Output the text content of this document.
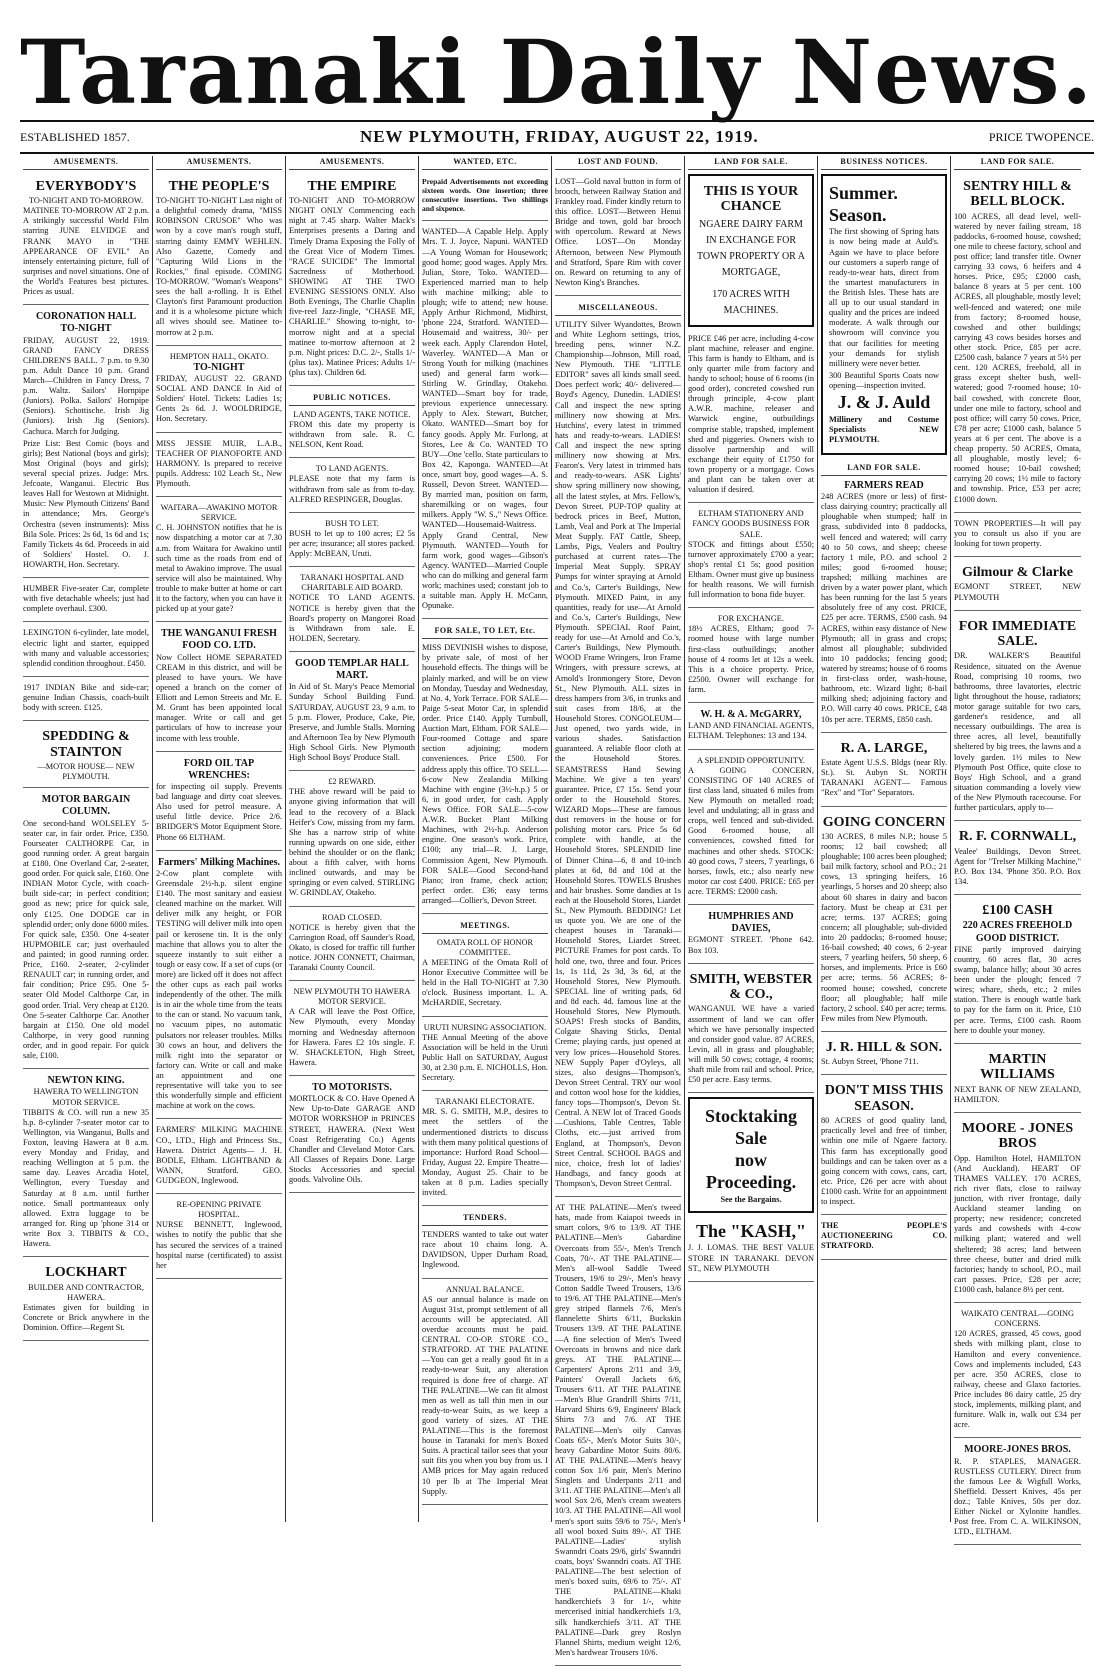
Taranaki Daily News.
ESTABLISHED 1857.	NEW PLYMOUTH, FRIDAY, AUGUST 22, 1919.	PRICE TWOPENCE.
AMUSEMENTS.
EVERYBODY'S
TO-NIGHT AND TO-MORROW.

MATINEE TO-MORROW AT 2 p.m. A strikingly successful World Film starring JUNE ELVIDGE and FRANK MAYO in "THE APPEARANCE OF EVIL" An intensely entertaining picture, full of surprises and novel situations. One of the World's Features best pictures. Prices as usual.

CORONATION HALL
TO-NIGHT

FRIDAY, AUGUST 22, 1919. GRAND FANCY DRESS CHILDREN'S BALL. 7 p.m. to 9.30 p.m. Adult Dance 10 p.m. Grand March—Children in Fancy Dress, 7 p.m. Waltz. Sailors' Hornpipe (Juniors). Polka. Sailors' Hornpipe (Seniors). Schottische. Irish Jig (Juniors). Irish Jig (Seniors). Cachuca. March for Judging.

Prize List: Best Comic (boys and girls); Best National (boys and girls); Most Original (boys and girls); several special prizes. Judge: Mrs. Jefcoate, Wanganui. Electric Bus leaves Hall for Westown at Midnight. Music: New Plymouth Citizens' Band in attendance; Mrs. George's Orchestra (seven instruments): Miss Bila Sole. Prices: 2s 6d, 1s 6d and 1s; Family Tickets 4s 6d. Proceeds in aid of Soldiers' Hostel. O. J. HOWARTH, Hon. Secretary.

HUMBER Five-seater Car, complete with five detachable wheels; just had complete overhaul. £300.

LEXINGTON 6-cylinder, late model, electric light and starter, equipped with many and valuable accessories; splendid condition throughout. £450.

1917 INDIAN Bike and side-car; genuine Indian Chassis, coach-built body with screen. £125.

SPEDDING & STAINTON
—MOTOR HOUSE— NEW PLYMOUTH.
MOTOR BARGAIN COLUMN.

One second-hand WOLSELEY 5-seater car, in fair order. Price, £350. Fourseater CALTHORPE Car, in good running order. A great bargain at £180. One Overland Car, 2-seater, good order. For quick sale, £160. One INDIAN Motor Cycle, with coach-built side-car; in perfect condition; good as new; price for quick sale, only £125. One DODGE car in splendid order; only done 6000 miles. For quick sale, £350. One 4-seater HUPMOBILE car; just overhauled and painted; in good running order. Price, £160. 2-seater, 2-cylinder RENAULT car; in running order, and fair condition; Price £95. One 5-seater Old Model Calthorpe Car, in good order. Trial. Very cheap at £120. One 5-seater Calthorpe Car. Another bargain at £150. One old model Calthorpe, in very good running order, and in good repair. For quick sale, £100.

NEWTON KING.
HAWERA TO WELLINGTON MOTOR SERVICE.

TIBBITS & CO. will run a new 35 h.p. 8-cylinder 7-seater motor car to Wellington, via Wanganui, Bulls and Foxton, leaving Hawera at 8 a.m. every Monday and Friday, and reaching Wellington at 5 p.m. the same day. Leaves Arcadia Hotel, Wellington, every Tuesday and Saturday at 8 a.m. until further notice. Small portmanteaux only allowed. Extra luggage to be arranged for. Ring up 'phone 314 or write Box 3. TIBBITS & CO., Hawera.

LOCKHART
BUILDER AND CONTRACTOR, HAWERA.

Estimates given for building in Concrete or Brick anywhere in the Dominion. Office—Regent St.

AMUSEMENTS.
THE PEOPLE'S

TO-NIGHT TO-NIGHT Last night of a delightful comedy drama, "MISS ROBINSON CRUSOE" Who was won by a cove man's rough stuff, starring dainty EMMY WEHLEN. Also Gazette, Comedy and "Capturing Wild Lions in the Rockies," final episode. COMING TO-MORROW. "Woman's Weapons" sees the ball a-rolling. It is Ethel Clayton's first Paramount production and it is a wholesome picture which all wives should see. Matinee to-morrow at 2 p.m.

HEMPTON HALL, OKATO.
TO-NIGHT

FRIDAY, AUGUST 22. GRAND SOCIAL AND DANCE In Aid of Soldiers' Hotel. Tickets: Ladies 1s; Gents 2s 6d. J. WOOLDRIDGE, Hon. Secretary.

MISS JESSIE MUIR, L.A.B., TEACHER OF PIANOFORTE AND HARMONY. Is prepared to receive pupils. Address: 102 Leach St., New Plymouth.

WAITARA—AWAKINO MOTOR SERVICE.

C. H. JOHNSTON notifies that he is now dispatching a motor car at 7.30 a.m. from Waitara for Awakino until such time as the roads from end of metal to Awakino improve. The usual service will also be maintained. Why trouble to make butter at home or cart it to the factory, when you can have it picked up at your gate?

THE WANGANUI FRESH FOOD CO. LTD.

Now Collect HOME SEPARATED CREAM in this district, and will be pleased to have yours. We have opened a branch on the corner of Elliott and Lemon Streets and Mr. E. M. Grant has been appointed local manager. Write or call and get particulars of how to increase your income with less trouble.

FORD OIL TAP WRENCHES:

for inspecting oil supply. Prevents bad language and dirty coat sleeves. Also used for petrol measure. A useful little device. Price 2/6. BRIDGER'S Motor Equipment Store. Phone 66 ELTHAM.

Farmers' Milking Machines.

2-Cow plant complete with Greensdale 2½-h.p. silent engine £140. The most sanitary and easiest cleaned machine on the market. Will deliver milk any height, or FOR TESTING will deliver milk into open pail or kerosene tin. It is the only machine that allows you to alter the squeeze instantly to suit either a tough or easy cow. If a set of cups (or more) are licked off it does not affect the other cups as each pail works independently of the other. The milk is in air the whole time from the teats to the can or stand. No vacuum tank, no vacuum pipes, no automatic pulsators nor releaser troubles. Milks 30 cows an hour, and delivers the milk right into the separator or factory can. Write or call and make an appointment and one representative will take you to see this wonderfully simple and efficient machine at work on the cows.

FARMERS' MILKING MACHINE CO., LTD., High and Princess Sts., Hawera. District Agents— J. H. BODLE, Eltham. LIGHTBAND & WANN, Stratford. GEO. GUDGEON, Inglewood.

RE-OPENING PRIVATE HOSPITAL.

NURSE BENNETT, Inglewood, wishes to notify the public that she has secured the services of a trained hospital nurse (certificated) to assist her

AMUSEMENTS.
THE EMPIRE

TO-NIGHT AND TO-MORROW NIGHT ONLY Commencing each night at 7.45 sharp. Walter Mack's Enterprises presents a Daring and Timely Drama Exposing the Folly of the Great Vice of Modern Times. "RACE SUICIDE" The Immortal Sacredness of Motherhood. SHOWING AT THE TWO EVENING SESSIONS ONLY. Also Both Evenings, The Charlie Chaplin five-reel Jazz-Jingle, "CHASE ME, CHARLIE." Showing to-night, to-morrow night and at a special matinee to-morrow afternoon at 2 p.m. Night prices: D.C. 2/-, Stalls 1/- (plus tax). Matinee Prices: Adults 1/- (plus tax). Children 6d.

PUBLIC NOTICES.
LAND AGENTS, TAKE NOTICE.

FROM this date my property is withdrawn from sale. R. C. NELSON, Kent Road.

TO LAND AGENTS.

PLEASE note that my farm is withdrawn from sale as from to-day. ALFRED RESPINGER, Douglas.

BUSH TO LET.

BUSH to let up to 100 acres; £2 5s per acre; insurance; all stores packed. Apply: McBEAN, Uruti.

TARANAKI HOSPITAL AND CHARITABLE AID BOARD.

NOTICE TO LAND AGENTS. NOTICE is hereby given that the Board's property on Mangorei Road is Withdrawn from sale. E. HOLDEN, Secretary.

GOOD TEMPLAR HALL MART.

In Aid of St. Mary's Peace Memorial Sunday School Building Fund. SATURDAY, AUGUST 23, 9 a.m. to 5 p.m. Flower, Produce, Cake, Pie, Preserve, and Jumble Stalls. Morning and Afternoon Tea by New Plymouth High School Girls. New Plymouth High School Boys' Produce Stall.

£2 REWARD.

THE above reward will be paid to anyone giving information that will lead to the recovery of a Black Heifer's Cow, missing from my farm. She has a narrow strip of white running upwards on one side, either behind the shoulder or on the flank; about a fifth calver, with horns inclined outwards, and may be springing or even calved. STIRLING W. GRINDLAY, Otakeho.

ROAD CLOSED.

NOTICE is hereby given that the Carrington Road, off Saunder's Road, Okato, is closed for traffic till further notice. JOHN CONNETT, Chairman, Taranaki County Council.

NEW PLYMOUTH TO HAWERA MOTOR SERVICE.

A CAR will leave the Post Office, New Plymouth, every Monday morning and Wednesday afternoon for Hawera. Fares £2 10s single. F. W. SHACKLETON, High Street, Hawera.

TO MOTORISTS.

MORTLOCK & CO. Have Opened A New Up-to-Date GARAGE AND MOTOR WORKSHOP in PRINCES STREET, HAWERA. (Next West Coast Refrigerating Co.) Agents Chandler and Cleveland Motor Cars. All Classes of Repairs Done. Large Stocks Accessories and special goods. Valvoline Oils.

WANTED, ETC.

Prepaid Advertisements not exceeding sixteen words. One insertion; three consecutive insertions. Two shillings and sixpence.

WANTED—A Capable Help. Apply Mrs. T. J. Joyce, Napuni. WANTED—A Young Woman for Housework; good home; good wages. Apply Mrs. Julian, Store, Toko. WANTED—Experienced married man to help with machine milking; able to plough; wife to attend; new house. Apply Arthur Richmond, Midhirst, 'phone 224, Stratford. WANTED—Housemaid and waitress, 30/- per week each. Apply Clarendon Hotel, Waverley. WANTED—A Man or Strong Youth for milking (machines used) and general farm work—Stirling W. Grindlay, Otakeho. WANTED—Smart boy for trade, previous experience unnecessary. Apply to Alex. Stewart, Butcher, Okato. WANTED—Smart boy for fancy goods. Apply Mr. Furlong, at Stores, Lee & Co. WANTED TO BUY—One 'cello. State particulars to Box 42, Kaponga. WANTED—At once, smart boy, good wages—A. S. Russell, Devon Street. WANTED—By married man, position on farm, sharemilking or on wages, four milkers. Apply "W. S.," News Office. WANTED—Housemaid-Waitress. Apply Grand Central, New Plymouth. WANTED—Youth for farm work, good wages—Gibson's Agency. WANTED—Married Couple who can do milking and general farm work; machines used; constant job to a suitable man. Apply H. McCann, Opunake.

FOR SALE, TO LET, Etc.

MISS DEVINISH wishes to dispose, by private sale, of most of her household effects. The things will be plainly marked, and will be on view on Monday, Tuesday and Wednesday, at No. 4, York Terrace. FOR SALE—Paige 5-seat Motor Car, in splendid order. Price £140. Apply Turnbull, Auction Mart, Eltham. FOR SALE—Four-roomed Cottage and spare section adjoining; modern conveniences. Price £500. For address apply this office. TO SELL—6-cow New Zealandia Milking Machine with engine (3½-h.p.) 5 or 6, in good order, for cash. Apply News Office. FOR SALE—5-cow A.W.R. Bucket Plant Milking Machines, with 2½-h.p. Anderson engine. One season's work. Price, £100; any trial—R. J. Large, Commission Agent, New Plymouth. FOR SALE—Good Second-hand Piano; iron frame, check action; perfect order. £36; easy terms arranged—Collier's, Devon Street.

MEETINGS.
OMATA ROLL OF HONOR COMMITTEE.

A MEETING of the Omata Roll of Honor Executive Committee will be held in the Hall TO-NIGHT at 7.30 o'clock. Business important. L. A. McHARDIE, Secretary.

URUTI NURSING ASSOCIATION.

THE Annual Meeting of the above Association will be held in the Uruti Public Hall on SATURDAY, August 30, at 2.30 p.m. E. NICHOLLS, Hon. Secretary.

TARANAKI ELECTORATE.

MR. S. G. SMITH, M.P., desires to meet the settlers of the undermentioned districts to discuss with them many political questions of importance: Hurford Road School—Friday, August 22. Empire Theatre—Monday, August 25. Chair to be taken at 8 p.m. Ladies specially invited.

TENDERS.

TENDERS wanted to take out water race about 10 chains long. A. DAVIDSON, Upper Durham Road, Inglewood.

ANNUAL BALANCE.

AS our annual balance is made on August 31st, prompt settlement of all accounts will be appreciated. All overdue accounts must be paid. CENTRAL CO-OP. STORE CO., STRATFORD. AT THE PALATINE—You can get a really good fit in a ready-to-wear Suit, any alteration required is done free of charge. AT THE PALATINE—We can fit almost men as well as tall thin men in our ready-to-wear Suits, as we keep a good variety of sizes. AT THE PALATINE—This is the foremost house in Taranaki for men's Boxed Suits. A practical tailor sees that your suit fits you when you buy from us. I AMB prices for May again reduced 10 per lb at The Imperial Meat Supply.

LOST AND FOUND.

LOST—Gold naval button in form of brooch, between Railway Station and Frankley road. Finder kindly return to this office. LOST—Between Henui Bridge and town, gold bar brooch with opercolum. Reward at News Office. LOST—On Monday Afternoon, between New Plymouth and Stratford, Spare Rim with cover on. Reward on returning to any of Newton King's Branches.

MISCELLANEOUS.

UTILITY Silver Wyandottes, Brown and White Leghorn settings, trios, breeding pens, winner N.Z. Championship—Johnson, Mill road, New Plymouth. THE "LITTLE EDITOR" saves all kinds small seed. Does perfect work; 40/- delivered—Boyd's Agency, Dunedin. LADIES! Call and inspect the new spring millinery now showing at Mrs. Hutchins', every latest in trimmed hats and ready-to-wears. LADIES! Call and inspect the new spring millinery now showing at Mrs. Fearon's. Very latest in trimmed hats and ready-to-wears. ASK Lights' show spring millinery now showing, all the latest styles, at Mrs. Fellow's, Devon Street. PUP-TOP quality at bedrock prices in Beef, Mutton, Lamb, Veal and Pork at The Imperial Meat Supply. FAT Cattle, Sheep, Lambs, Pigs, Vealers and Poultry purchased at current rates—The Imperial Meat Supply. SPRAY Pumps for winter spraying at Arnold and Co.'s, Carter's Buildings, New Plymouth. MIXED Paint, in any quantities, ready for use—At Arnold and Co.'s, Carter's Buildings, New Plymouth. SPECIAL Roof Paint, ready for use—At Arnold and Co.'s, Carter's Buildings, New Plymouth. WOOD Frame Wringers, Iron Frame Wringers, with pressure screws, at Arnold's Ironmongery Store, Devon St., New Plymouth. ALL sizes in dress hampers from 3/6, in trunks and suit cases from 18/6, at the Household Stores. CONGOLEUM—Just opened, two yards wide, in various shades. Satisfaction guaranteed. A reliable floor cloth at the Household Stores. SEAMSTRESS Hand Sewing Machine. We give a ten years' guarantee. Price, £7 15s. Send your order to the Household Stores. WIZARD Mops—These are famous dust removers in the house or for polishing motor cars. Price 5s 6d complete with handle, at the Household Stores. SPLENDID line of Dinner China—6, 8 and 10-inch plates at 6d, 8d and 10d at the Household Stores. TOWELS Brushes and hair brushes. Some dandies at 1s each at the Household Stores, Liardet St., New Plymouth. BEDDING! Let us quote you. We are one of the cheapest houses in Taranaki—Household Stores, Liardet Street. PICTURE Frames for post cards. To hold one, two, three and four. Prices 1s, 1s 11d, 2s 3d, 3s 6d, at the Household Stores, New Plymouth. SPECIAL line of writing pads, 6d and 8d each. 4d. famous line at the Household Stores, New Plymouth. SOAPS! Fresh stocks of Bandits, Colgate Shaving Sticks, Dental Creme; playing cards, just opened at very low prices—Household Stores. NEW Supply Paper d'Oyleys, all sizes, also designs—Thompson's, Devon Street Central. TRY our wool and cotton wool hose for the kiddies, fancy tops—Thompson's, Devon St. Central. A NEW lot of Traced Goods—Cushions, Table Centres, Table Cloths, etc.—just arrived from England, at Thompson's, Devon Street Central. SCHOOL BAGS and nice, choice, fresh lot of ladies' Handbags, and fancy goods at Thompson's, Devon Street Central.

AT THE PALATINE—Men's tweed hats, made from Kaiapoi tweeds in smart colors, 9/6 to 13/9. AT THE PALATINE—Men's Gabardine Overcoats from 55/-, Men's Trench Coats, 70/-. AT THE PALATINE—Men's all-wool Saddle Tweed Trousers, 19/6 to 29/-, Men's heavy Cotton Saddle Tweed Trousers, 13/6 to 19/6. AT THE PALATINE—Men's grey striped flannels 7/6, Men's flannelette Shirts 6/11, Buckskin Trousers 13/9. AT THE PALATINE—A fine selection of Men's Tweed Overcoats in browns and nice dark greys. AT THE PALATINE—Carpenters' Aprons 2/11 and 3/9, Painters' Overall Jackets 6/6, Trousers 6/11. AT THE PALATINE—Men's Blue Grandrill Shirts 7/11, Harvard Shirts 6/9, Engineers' Black Shirts 7/3 and 7/6. AT THE PALATINE—Men's oily Canvas Coats 65/-, Men's Motor Suits 30/-, heavy Gabardine Motor Suits 80/6. AT THE PALATINE—Men's heavy cotton Sox 1/6 pair, Men's Merino Singlets and Underpants 2/11 and 3/11. AT THE PALATINE—Men's all wool Sox 2/6, Men's cream sweaters 10/3. AT THE PALATINE—All wool men's sport suits 59/6 to 75/-, Men's all wool boxed Suits 89/-. AT THE PALATINE—Ladies' stylish Swanndri Coats 29/6, girls' Swanndri coats, boys' Swanndri coats. AT THE PALATINE—The best selection of men's boxed suits, 69/6 to 75/-. AT THE PALATINE—Khaki handkerchiefs 3 for 1/-, white mercerised initial handkerchiefs 1/3, silk handkerchiefs 3/11. AT THE PALATINE—Dark grey Roslyn Flannel Shirts, medium weight 12/6, Men's hardwear Trousers 10/6.

LAND FOR SALE.
THIS IS YOUR CHANCE
NGAERE DAIRY FARM IN EXCHANGE FOR TOWN PROPERTY OR A MORTGAGE,
170 ACRES WITH MACHINES.

PRICE £46 per acre, including 4-cow plant machine, releaser and engine. This farm is handy to Eltham, and is only quarter mile from factory and handy to school; house of 6 rooms (in good order), concreted cowshed run through principle, 4-cow plant A.W.R. machine, releaser and Warwick engine, outbuildings comprise stable, trapshed, implement shed and piggeries. Owners wish to dissolve partnership and will exchange their equity of £1750 for town property or a mortgage. Cows and plant can be taken over at valuation if desired.

ELTHAM STATIONERY AND FANCY GOODS BUSINESS FOR SALE.

STOCK and fittings about £550; turnover approximately £700 a year; shop's rental £1 5s; good position Eltham. Owner must give up business for health reasons. We will furnish full information to bona fide buyer.

FOR EXCHANGE.

18½ ACRES, Eltham; good 7-roomed house with large number first-class outbuildings; another house of 4 rooms let at 12s a week. This is a choice property. Price, £2500. Owner will exchange for farm.

W. H. & A. McGARRY,

LAND AND FINANCIAL AGENTS, ELTHAM. Telephones: 13 and 134.

A SPLENDID OPPORTUNITY.

A GOING CONCERN, CONSISTING OF 140 ACRES of first class land, situated 6 miles from New Plymouth on metalled road; level and undulating; all in grass and crops, well fenced and sub-divided. Good 6-roomed house, all conveniences, cowshed fitted for machines and other sheds. STOCK: 40 good cows, 7 steers, 7 yearlings, 6 horses, fowls, etc.; also nearly new motor car cost £400. PRICE: £65 per acre. TERMS: £2000 cash.

HUMPHRIES AND DAVIES,

EGMONT STREET. 'Phone 642. Box 103.

SMITH, WEBSTER & CO.,

WANGANUI. WE have a varied assortment of land we can offer which we have personally inspected and consider good value. 87 ACRES, Levin, all in grass and ploughable; will milk 50 cows; cottage, 4 rooms; shaft mile from rail and school. Price, £50 per acre. Easy terms.

Stocktaking
Sale
now
Proceeding.
See the Bargains.
The "KASH,"

J. J. LOMAS. THE BEST VALUE STORE IN TARANAKI. DEVON ST., NEW PLYMOUTH

BUSINESS NOTICES.
Summer.
Season.

The first showing of Spring hats is now being made at Auld's. Again we have to place before our customers a superb range of ready-to-wear hats, direct from the smartest manufacturers in the British Isles. These hats are all up to our usual standard in quality and the prices are indeed moderate. A walk through our showroom will convince you that our facilities for meeting your demands for stylish millinery were never better.

300 Beautiful Sports Coats now opening—inspection invited.

J. & J. Auld

Millinery and Costume Specialists NEW PLYMOUTH.

LAND FOR SALE.
FARMERS READ

248 ACRES (more or less) of first-class dairying country; practically all ploughable when stumped; half in grass, subdivided into 8 paddocks, well fenced and watered; will carry 40 to 50 cows, and sheep; cheese factory 1 mile, P.O. and school 2 miles; good 6-roomed house; trapshed; milking machines are driven by a water power plant, which has been running for the last 5 years absolutely free of any cost. PRICE, £25 per acre. TERMS, £500 cash. 94 ACRES, within easy distance of New Plymouth; all in grass and crops; almost all ploughable; subdivided into 10 paddocks; fencing good; watered by streams; house of 6 rooms in first-class order, wash-house, bathroom, etc. Wizard light; 8-bail milking shed; adjoining factory and P.O. Will carry 40 cows. PRICE, £48 10s per acre. TERMS, £850 cash.

R. A. LARGE,

Estate Agent U.S.S. Bldgs (near Rly. St.). St. Aubyn St. NORTH TARANAKI AGENT— Famous "Rex" and "Tor" Separators.

GOING CONCERN

130 ACRES, 8 miles N.P.; house 5 rooms; 12 bail cowshed; all ploughable; 100 acres been ploughed; bail milk factory, school and P.O.; 21 cows, 13 springing heifers, 16 yearlings, 5 horses and 20 sheep; also about 60 shares in dairy and bacon factory. Must be cheap at £31 per acre; terms. 137 ACRES; going concern; all ploughable; sub-divided into 20 paddocks; 8-roomed house; 16-bail cowshed; 40 cows, 6 2-year steers, 7 yearling heifers, 50 sheep, 6 horses, and implements. Price is £60 per acre; terms. 56 ACRES; 8-roomed house; cowshed, concrete floor; all ploughable; half mile factory, 2 school. £40 per acre; terms. Few miles from New Plymouth.

J. R. HILL & SON.

St. Aubyn Street, 'Phone 711.

DON'T MISS THIS SEASON.

80 ACRES of good quality land, practically level and free of timber, within one mile of Ngaere factory. This farm has exceptionally good buildings and can be taken over as a going concern with cows, cans, cart, etc. Price, £26 per acre with about £1000 cash. Write for an appointment to inspect.

THE PEOPLE'S AUCTIONEERING CO. STRATFORD.

LAND FOR SALE.
SENTRY HILL & BELL BLOCK.

100 ACRES, all dead level, well-watered by never failing stream, 18 paddocks, 6-roomed house, cowshed; one mile to cheese factory, school and post office; land transfer title. Owner carrying 33 cows, 6 heifers and 4 horses. Price, £95; £2000 cash, balance 8 years at 5 per cent. 100 ACRES, all ploughable, mostly level; well-fenced and watered; one mile from factory; 8-roomed house, cowshed and other buildings; carrying 43 cows besides horses and other stock. Price, £85 per acre. £2500 cash, balance 7 years at 5½ per cent. 120 ACRES, freehold, all in grass except shelter bush, well-watered; good 7-roomed house; 10-bail cowshed, with concrete floor, under one mile to factory, school and post office; will carry 50 cows. Price, £78 per acre; £1000 cash, balance 5 years at 6 per cent. The above is a cheap property. 50 ACRES, Omata, all ploughable, mostly level; 6-roomed house; 10-bail cowshed; carrying 20 cows; 1½ mile to factory and township. Price, £53 per acre; £1000 down.

TOWN PROPERTIES—It will pay you to consult us also if you are looking for town property.

Gilmour & Clarke

EGMONT STREET, NEW PLYMOUTH

FOR IMMEDIATE SALE.

DR. WALKER'S Beautiful Residence, situated on the Avenue Road, comprising 10 rooms, two bathrooms, three lavatories, electric light throughout the house, radiators; motor garage suitable for two cars, gardener's residence, and all necessary outbuildings. The area is three acres, all level, beautifully sheltered by big trees, the lawns and a lovely garden. 1½ miles to New Plymouth Post Office, quite close to Boys' High School, and a grand situation commanding a lovely view of the New Plymouth racecourse. For further particulars, apply to—

R. F. CORNWALL,

Vealee' Buildings, Devon Street. Agent for "Trelser Milking Machine," P.O. Box 134. 'Phone 350. P.O. Box 134.

£100 CASH
220 ACRES FREEHOLD GOOD DISTRICT.

FINE partly improved dairying country, 60 acres flat, 30 acres swamp, balance hilly; about 30 acres been under the plough; fenced 7 wires; whare, sheds, etc.; 2 miles station. There is enough wattle bark to pay for the farm on it. Price, £10 per acre. Terms, £100 cash. Room here to double your money.

MARTIN WILLIAMS

NEXT BANK OF NEW ZEALAND, HAMILTON.

MOORE - JONES BROS

Opp. Hamilton Hotel, HAMILTON (And Auckland). HEART OF THAMES VALLEY. 170 ACRES, rich river flats, close to railway junction, with river frontage, daily Auckland steamer landing on property; new residence; concreted yards and cowsheds with 4-cow milking plant; watered and well sheltered; 38 acres; land between three cheese, butter and dried milk factories; handy to school, P.O., mail cart passes. Price, £28 per acre; £1000 cash, balance 8½ per cent.

WAIKATO CENTRAL—GOING CONCERNS.

120 ACRES, grassed, 45 cows, good sheds with milking plant, close to Hamilton and every convenience. Cows and implements included, £43 per acre. 350 ACRES, close to railway, cheese and Glaxo factories. Price includes 86 dairy cattle, 25 dry stock, implements, milking plant, and furniture. Walk in, walk out £34 per acre.

MOORE-JONES BROS.

R. P. STAPLES, MANAGER. RUSTLESS CUTLERY. Direct from the famous Lee & Wigfull Works, Sheffield. Dessert Knives, 45s per doz.; Table Knives, 50s per doz. Either Nickel or Xylonite handles. Post free. From C. A. WILKINSON, LTD., ELTHAM.
